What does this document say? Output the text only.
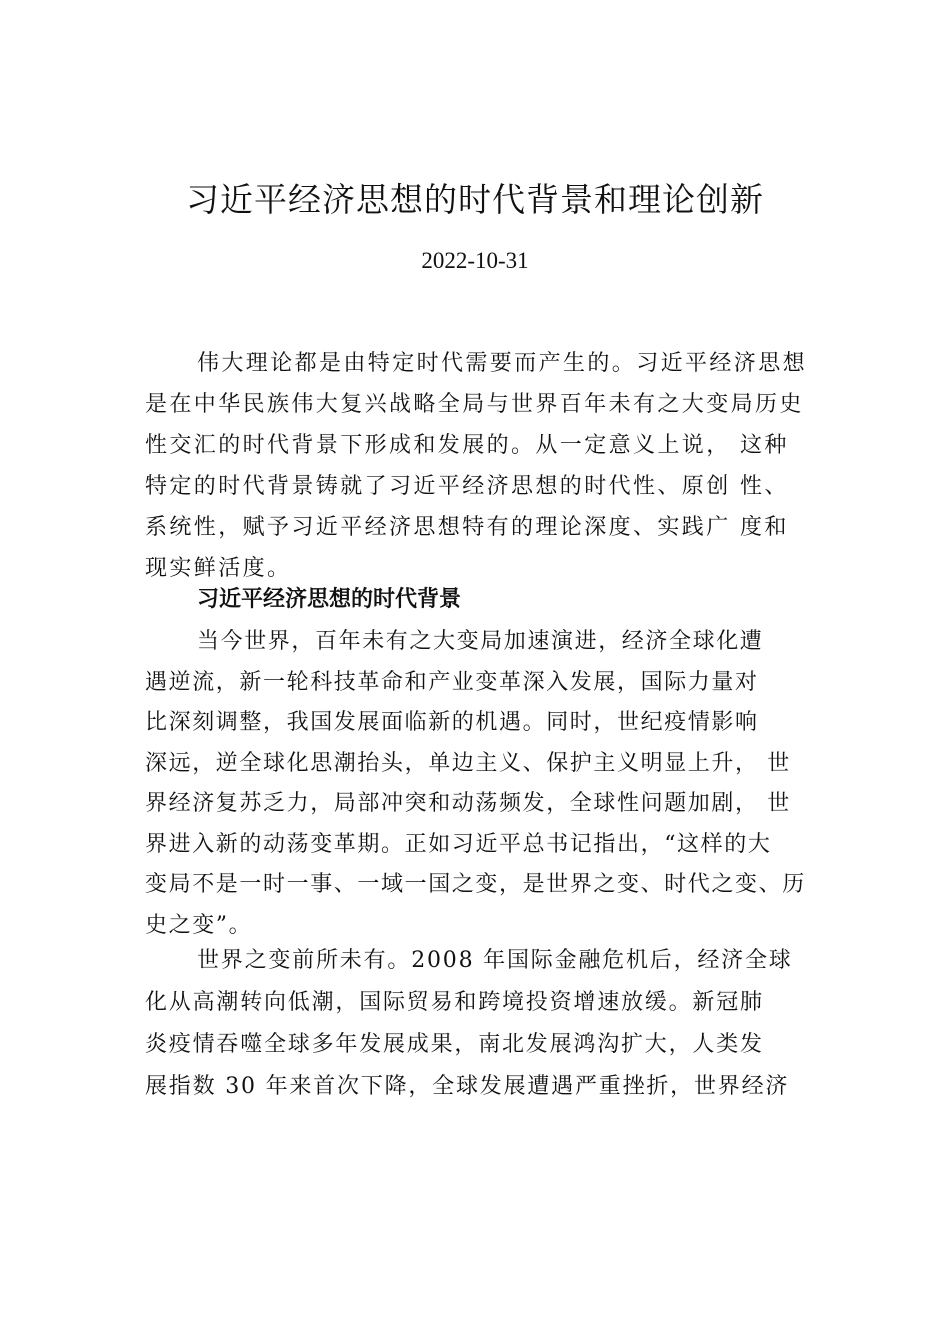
习近平经济思想的时代背景和理论创新
2022-10-31

伟大理论都是由特定时代需要而产生的。习近平经济思想
是在中华民族伟大复兴战略全局与世界百年未有之大变局历史
性交汇的时代背景下形成和发展的。从一定意义上说， 这种
特定的时代背景铸就了习近平经济思想的时代性、原创 性、
系统性，赋予习近平经济思想特有的理论深度、实践广 度和
现实鲜活度。

习近平经济思想的时代背景

当今世界，百年未有之大变局加速演进，经济全球化遭
遇逆流，新一轮科技革命和产业变革深入发展，国际力量对
比深刻调整，我国发展面临新的机遇。同时，世纪疫情影响
深远，逆全球化思潮抬头，单边主义、保护主义明显上升， 世
界经济复苏乏力，局部冲突和动荡频发，全球性问题加剧， 世
界进入新的动荡变革期。正如习近平总书记指出，“这样的大
变局不是一时一事、一域一国之变，是世界之变、时代之变、历
史之变”。

世界之变前所未有。2008 年国际金融危机后，经济全球
化从高潮转向低潮，国际贸易和跨境投资增速放缓。新冠肺
炎疫情吞噬全球多年发展成果，南北发展鸿沟扩大，人类发
展指数 30 年来首次下降，全球发展遭遇严重挫折，世界经济
